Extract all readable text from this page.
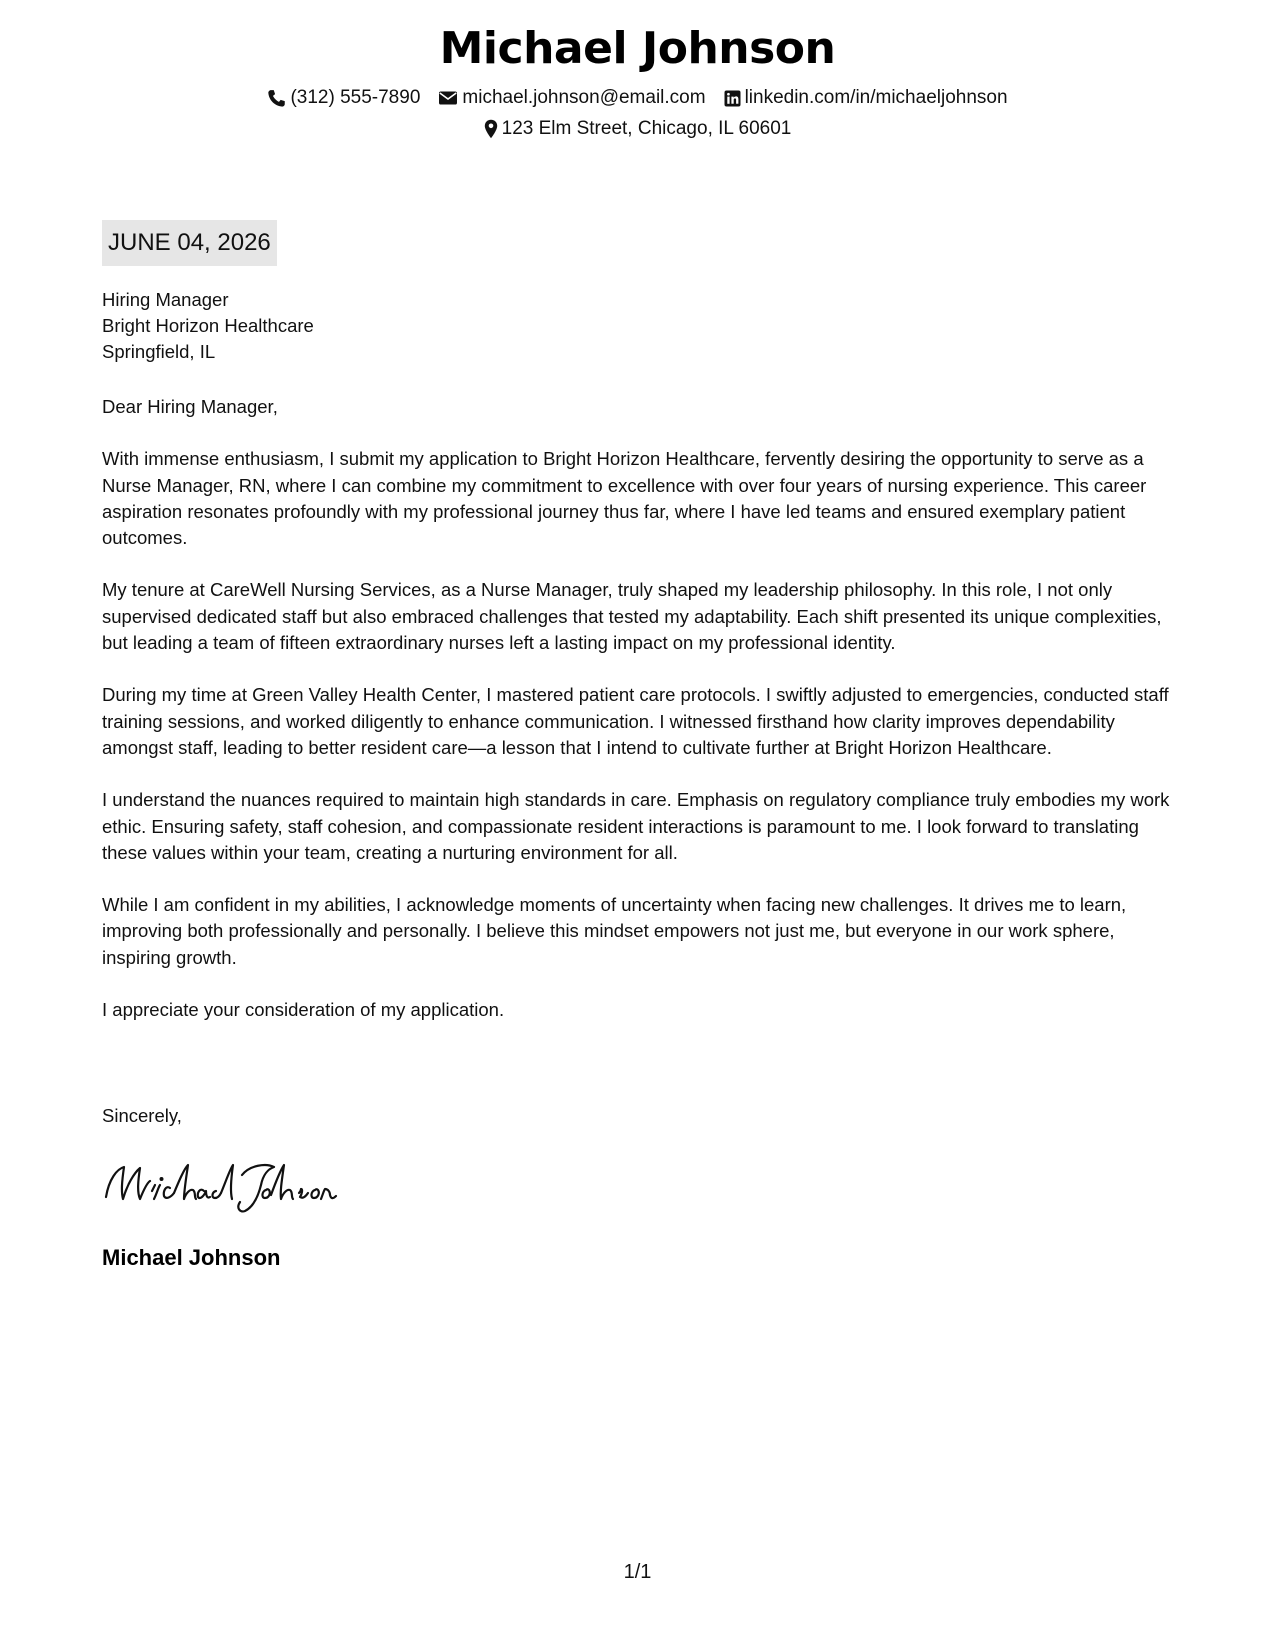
Michael Johnson
(312) 555-7890 michael.johnson@email.com linkedin.com/in/michaeljohnson
123 Elm Street, Chicago, IL 60601
JUNE 04, 2026
Hiring Manager
Bright Horizon Healthcare
Springfield, IL

Dear Hiring Manager,

With immense enthusiasm, I submit my application to Bright Horizon Healthcare, fervently desiring the opportunity to serve as a Nurse Manager, RN, where I can combine my commitment to excellence with over four years of nursing experience. This career aspiration resonates profoundly with my professional journey thus far, where I have led teams and ensured exemplary patient outcomes.

My tenure at CareWell Nursing Services, as a Nurse Manager, truly shaped my leadership philosophy. In this role, I not only supervised dedicated staff but also embraced challenges that tested my adaptability. Each shift presented its unique complexities, but leading a team of fifteen extraordinary nurses left a lasting impact on my professional identity.

During my time at Green Valley Health Center, I mastered patient care protocols. I swiftly adjusted to emergencies, conducted staff training sessions, and worked diligently to enhance communication. I witnessed firsthand how clarity improves dependability amongst staff, leading to better resident care—a lesson that I intend to cultivate further at Bright Horizon Healthcare.

I understand the nuances required to maintain high standards in care. Emphasis on regulatory compliance truly embodies my work ethic. Ensuring safety, staff cohesion, and compassionate resident interactions is paramount to me. I look forward to translating these values within your team, creating a nurturing environment for all.

While I am confident in my abilities, I acknowledge moments of uncertainty when facing new challenges. It drives me to learn, improving both professionally and personally. I believe this mindset empowers not just me, but everyone in our work sphere, inspiring growth.

I appreciate your consideration of my application.

Sincerely,
Michael Johnson
1/1
